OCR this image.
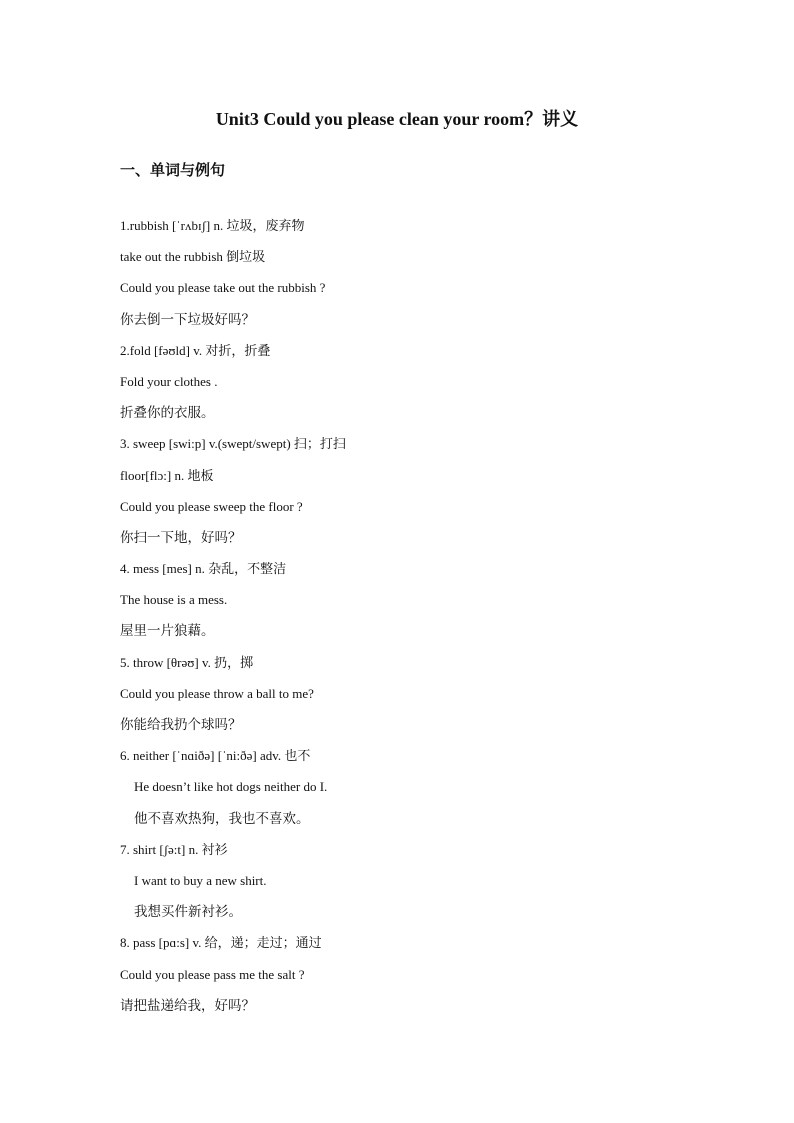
Unit3 Could you please clean your room？讲义
一、单词与例句
1.rubbish [ˈrʌbɪʃ] n. 垃圾，废弃物
take out the rubbish 倒垃圾
Could you please take out the rubbish ?
你去倒一下垃圾好吗？
2.fold [fəʊld] v. 对折，折叠
Fold your clothes .
折叠你的衣服。
3. sweep [swi:p] v.(swept/swept) 扫；打扫
floor[flɔ:] n. 地板
Could you please sweep the floor ?
你扫一下地，好吗？
4. mess [mes] n. 杂乱，不整洁
The house is a mess.
屋里一片狼藉。
5. throw [θrəʊ] v. 扔，掷
Could you please throw a ball to me?
你能给我扔个球吗？
6. neither [ˈnɑiðə] [ˈni:ðə] adv. 也不
He doesn’t like hot dogs neither do I.
他不喜欢热狗，我也不喜欢。
7. shirt [ʃə:t] n. 衬衫
I want to buy a new shirt.
我想买件新衬衫。
8. pass [pɑ:s] v. 给，递；走过；通过
Could you please pass me the salt ?
请把盐递给我，好吗？
